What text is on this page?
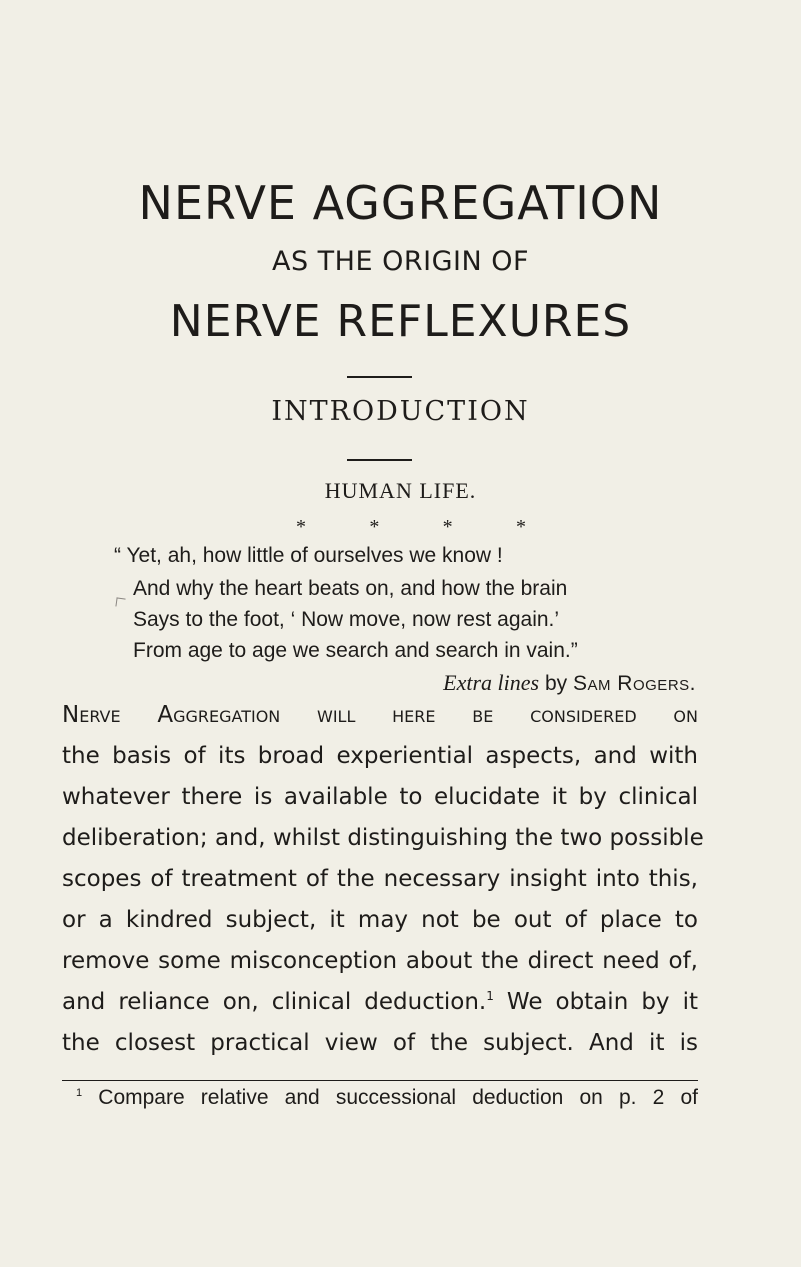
NERVE AGGREGATION
AS THE ORIGIN OF
NERVE REFLEXURES
INTRODUCTION
HUMAN LIFE.
*	*	*	*
“ Yet, ah, how little of ourselves we know !
And why the heart beats on, and how the brain
Says to the foot, ‘ Now move, now rest again.’
From age to age we search and search in vain.”
Extra lines by Sam Rogers.
Nerve Aggregation will here be considered on
the basis of its broad experiential aspects, and with
whatever there is available to elucidate it by clinical
deliberation; and, whilst distinguishing the two possible
scopes of treatment of the necessary insight into this,
or a kindred subject, it may not be out of place to
remove some misconception about the direct need of,
and reliance on, clinical deduction.$^1$ We obtain by it
the closest practical view of the subject. And it is
$^1$ Compare relative and successional deduction on p. 2 of
